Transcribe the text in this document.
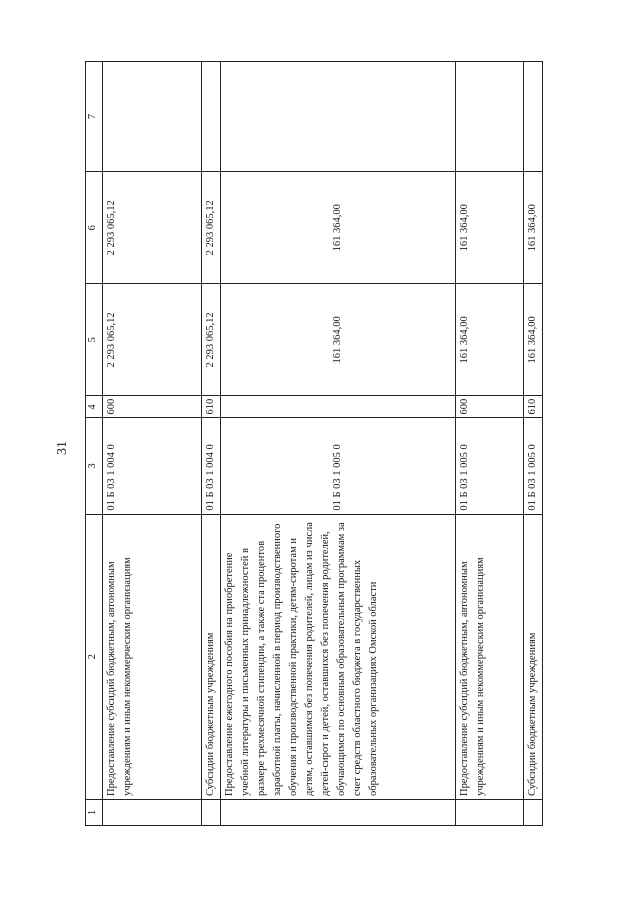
31
1	2	3	4	5	6	7
	Предоставление субсидий бюджетным, автономным учреждениям и иным некоммерческим организациям	01 Б 03 1 004 0	600	2 293 065,12	2 293 065,12	
	Субсидии бюджетным учреждениям	01 Б 03 1 004 0	610	2 293 065,12	2 293 065,12	
	Предоставление ежегодного пособия на приобретение учебной литературы и письменных принадлежностей в размере трехмесячной стипендии, а также ста процентов заработной платы, начисленной в период производственного обучения и производственной практики, детям-сиротам и детям, оставшимся без попечения родителей, лицам из числа детей-сирот и детей, оставшихся без попечения родителей, обучающимся по основным образовательным программам за счет средств областного бюджета в государственных образовательных организациях Омской области	01 Б 03 1 005 0		161 364,00	161 364,00	
	Предоставление субсидий бюджетным, автономным учреждениям и иным некоммерческим организациям	01 Б 03 1 005 0	600	161 364,00	161 364,00	
	Субсидии бюджетным учреждениям	01 Б 03 1 005 0	610	161 364,00	161 364,00	
